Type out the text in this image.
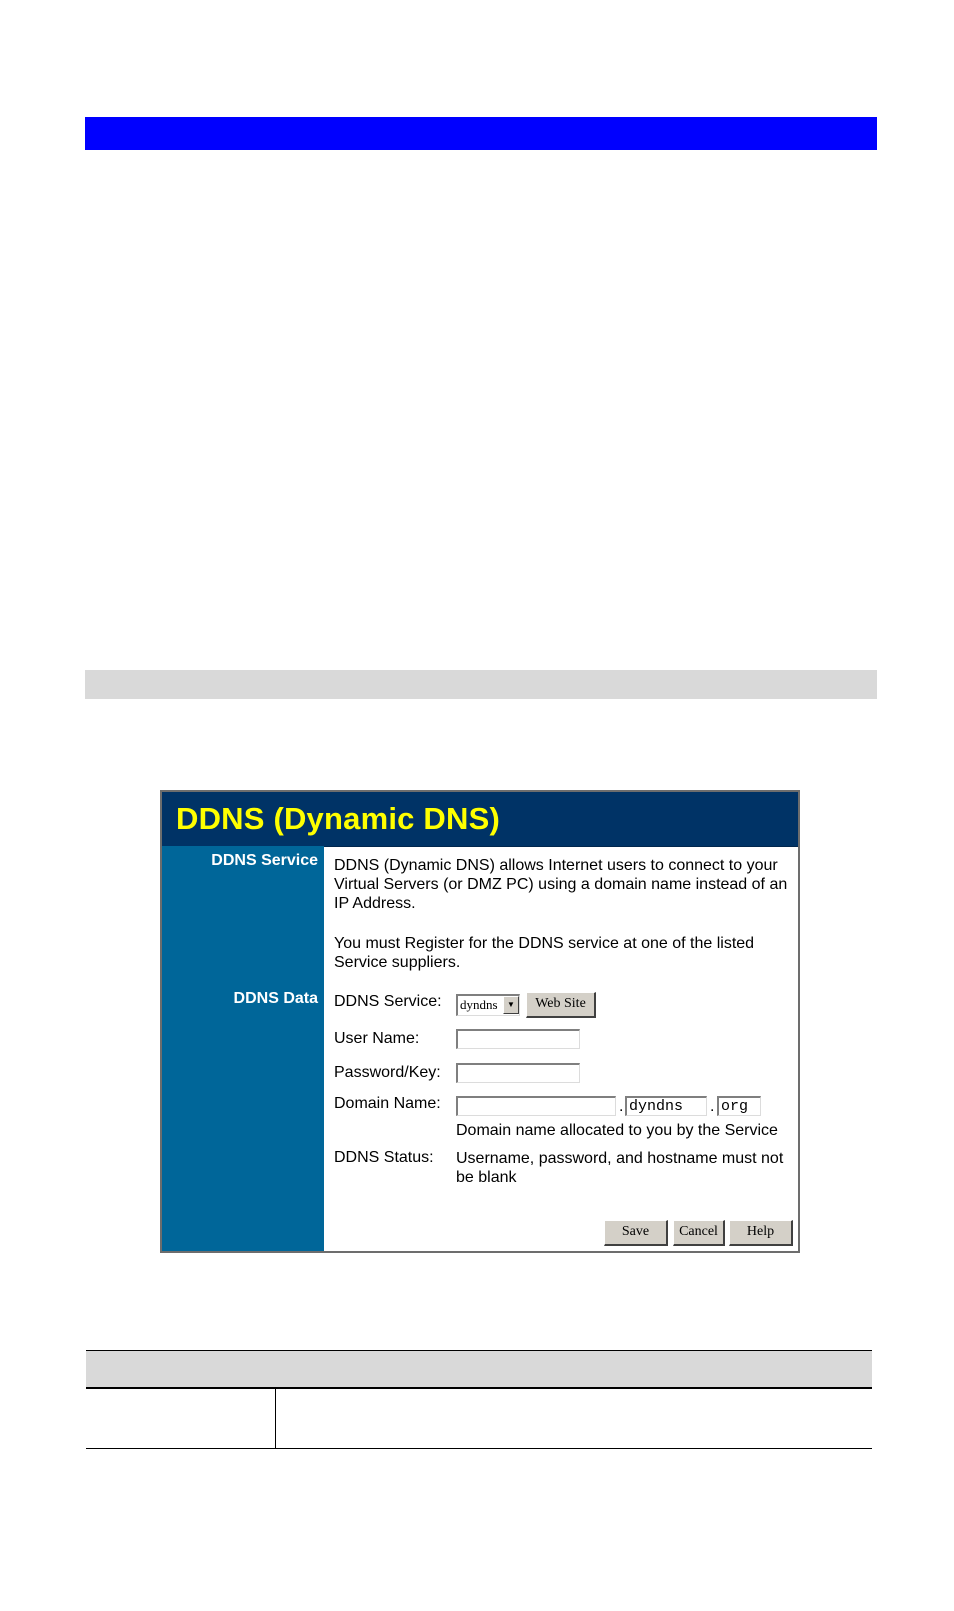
DDNS (Dynamic DNS)
DDNS Service
DDNS Data
DDNS (Dynamic DNS) allows Internet users to connect to your Virtual Servers (or DMZ PC) using a domain name instead of an IP Address.
You must Register for the DDNS service at one of the listed Service suppliers.
DDNS Service:	dyndns	▼	Web Site
User Name:
Password/Key:
Domain Name:	. dyndns	. org
Domain name allocated to you by the Service
DDNS Status: Username, password, and hostname must not be blank
Save	Cancel	Help
